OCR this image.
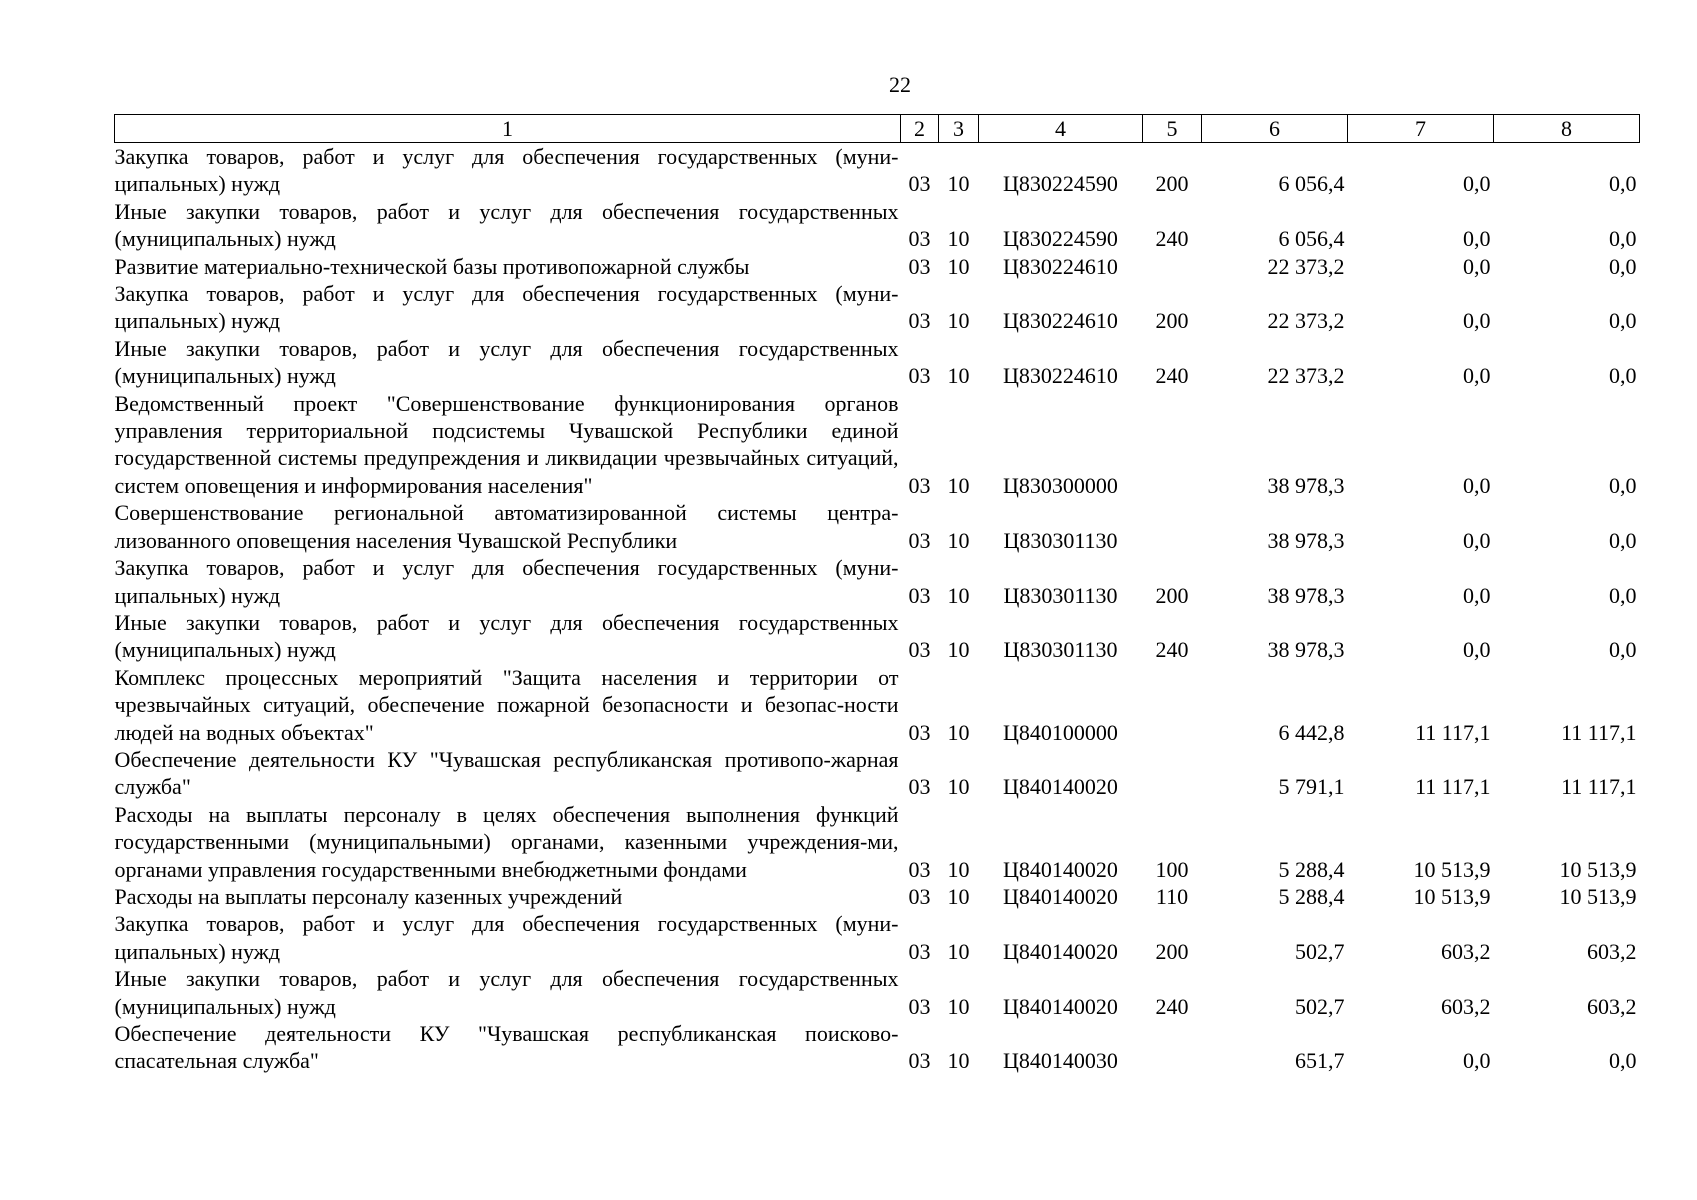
22
1	2	3	4	5	6	7	8
Закупка товаров, работ и услуг для обеспечения государственных (муни-ципальных) нужд	03	10	Ц830224590	200	6 056,4	0,0	0,0
Иные закупки товаров, работ и услуг для обеспечения государственных (муниципальных) нужд	03	10	Ц830224590	240	6 056,4	0,0	0,0
Развитие материально-технической базы противопожарной службы	03	10	Ц830224610		22 373,2	0,0	0,0
Закупка товаров, работ и услуг для обеспечения государственных (муни-ципальных) нужд	03	10	Ц830224610	200	22 373,2	0,0	0,0
Иные закупки товаров, работ и услуг для обеспечения государственных (муниципальных) нужд	03	10	Ц830224610	240	22 373,2	0,0	0,0
Ведомственный проект "Совершенствование функционирования органов управления территориальной подсистемы Чувашской Республики единой государственной системы предупреждения и ликвидации чрезвычайных ситуаций, систем оповещения и информирования населения"	03	10	Ц830300000		38 978,3	0,0	0,0
Совершенствование региональной автоматизированной системы центра-лизованного оповещения населения Чувашской Республики	03	10	Ц830301130		38 978,3	0,0	0,0
Закупка товаров, работ и услуг для обеспечения государственных (муни-ципальных) нужд	03	10	Ц830301130	200	38 978,3	0,0	0,0
Иные закупки товаров, работ и услуг для обеспечения государственных (муниципальных) нужд	03	10	Ц830301130	240	38 978,3	0,0	0,0
Комплекс процессных мероприятий "Защита населения и территории от чрезвычайных ситуаций, обеспечение пожарной безопасности и безопас-ности людей на водных объектах"	03	10	Ц840100000		6 442,8	11 117,1	11 117,1
Обеспечение деятельности КУ "Чувашская республиканская противопо-жарная служба"	03	10	Ц840140020		5 791,1	11 117,1	11 117,1
Расходы на выплаты персоналу в целях обеспечения выполнения функций государственными (муниципальными) органами, казенными учреждения-ми, органами управления государственными внебюджетными фондами	03	10	Ц840140020	100	5 288,4	10 513,9	10 513,9
Расходы на выплаты персоналу казенных учреждений	03	10	Ц840140020	110	5 288,4	10 513,9	10 513,9
Закупка товаров, работ и услуг для обеспечения государственных (муни-ципальных) нужд	03	10	Ц840140020	200	502,7	603,2	603,2
Иные закупки товаров, работ и услуг для обеспечения государственных (муниципальных) нужд	03	10	Ц840140020	240	502,7	603,2	603,2
Обеспечение деятельности КУ "Чувашская республиканская поисково-спасательная служба"	03	10	Ц840140030		651,7	0,0	0,0
